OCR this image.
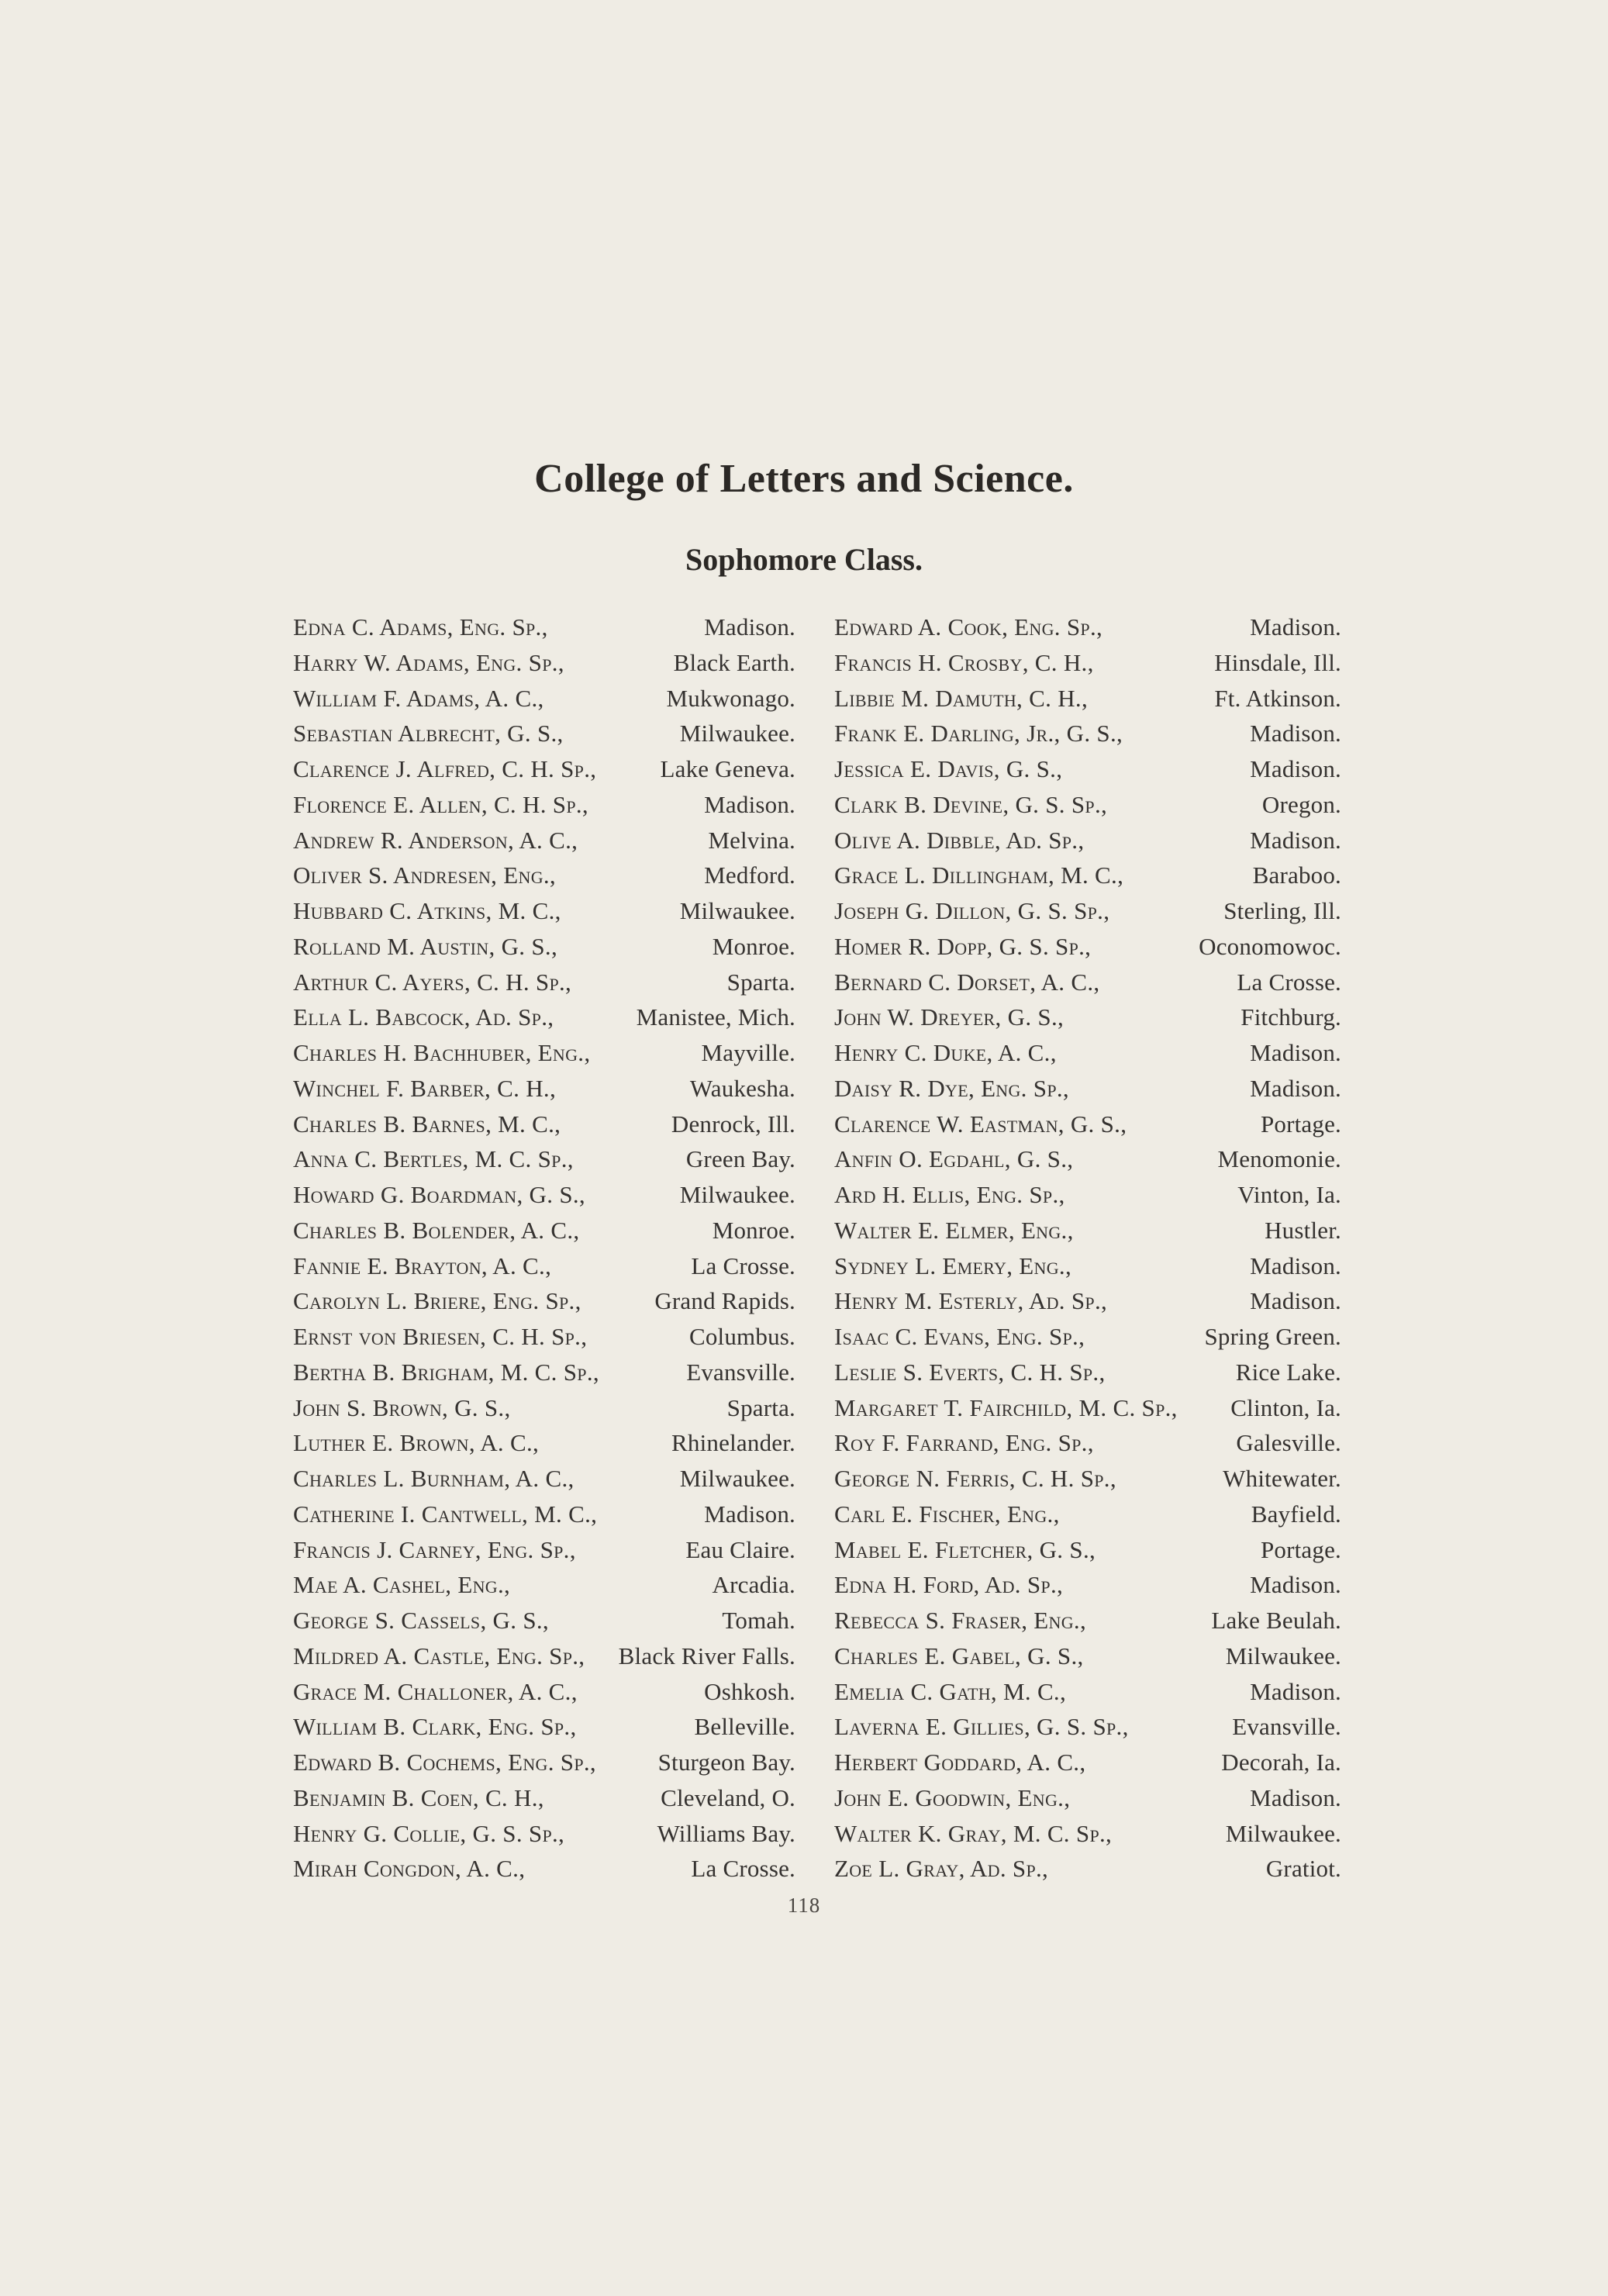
College of Letters and Science.
Sophomore Class.
Edna C. Adams, Eng. Sp.,	Madison.
Harry W. Adams, Eng. Sp.,	Black Earth.
William F. Adams, A. C.,	Mukwonago.
Sebastian Albrecht, G. S.,	Milwaukee.
Clarence J. Alfred, C. H. Sp.,	Lake Geneva.
Florence E. Allen, C. H. Sp.,	Madison.
Andrew R. Anderson, A. C.,	Melvina.
Oliver S. Andresen, Eng.,	Medford.
Hubbard C. Atkins, M. C.,	Milwaukee.
Rolland M. Austin, G. S.,	Monroe.
Arthur C. Ayers, C. H. Sp.,	Sparta.
Ella L. Babcock, Ad. Sp.,	Manistee, Mich.
Charles H. Bachhuber, Eng.,	Mayville.
Winchel F. Barber, C. H.,	Waukesha.
Charles B. Barnes, M. C.,	Denrock, Ill.
Anna C. Bertles, M. C. Sp.,	Green Bay.
Howard G. Boardman, G. S.,	Milwaukee.
Charles B. Bolender, A. C.,	Monroe.
Fannie E. Brayton, A. C.,	La Crosse.
Carolyn L. Briere, Eng. Sp.,	Grand Rapids.
Ernst von Briesen, C. H. Sp.,	Columbus.
Bertha B. Brigham, M. C. Sp.,	Evansville.
John S. Brown, G. S.,	Sparta.
Luther E. Brown, A. C.,	Rhinelander.
Charles L. Burnham, A. C.,	Milwaukee.
Catherine I. Cantwell, M. C.,	Madison.
Francis J. Carney, Eng. Sp.,	Eau Claire.
Mae A. Cashel, Eng.,	Arcadia.
George S. Cassels, G. S.,	Tomah.
Mildred A. Castle, Eng. Sp., Black River Falls.
Grace M. Challoner, A. C.,	Oshkosh.
William B. Clark, Eng. Sp.,	Belleville.
Edward B. Cochems, Eng. Sp.,	Sturgeon Bay.
Benjamin B. Coen, C. H.,	Cleveland, O.
Henry G. Collie, G. S. Sp.,	Williams Bay.
Mirah Congdon, A. C.,	La Crosse.
Edward A. Cook, Eng. Sp.,	Madison.
Francis H. Crosby, C. H.,	Hinsdale, Ill.
Libbie M. Damuth, C. H.,	Ft. Atkinson.
Frank E. Darling, Jr., G. S.,	Madison.
Jessica E. Davis, G. S.,	Madison.
Clark B. Devine, G. S. Sp.,	Oregon.
Olive A. Dibble, Ad. Sp.,	Madison.
Grace L. Dillingham, M. C.,	Baraboo.
Joseph G. Dillon, G. S. Sp.,	Sterling, Ill.
Homer R. Dopp, G. S. Sp.,	Oconomowoc.
Bernard C. Dorset, A. C.,	La Crosse.
John W. Dreyer, G. S.,	Fitchburg.
Henry C. Duke, A. C.,	Madison.
Daisy R. Dye, Eng. Sp.,	Madison.
Clarence W. Eastman, G. S.,	Portage.
Anfin O. Egdahl, G. S.,	Menomonie.
Ard H. Ellis, Eng. Sp.,	Vinton, Ia.
Walter E. Elmer, Eng.,	Hustler.
Sydney L. Emery, Eng.,	Madison.
Henry M. Esterly, Ad. Sp.,	Madison.
Isaac C. Evans, Eng. Sp.,	Spring Green.
Leslie S. Everts, C. H. Sp.,	Rice Lake.
Margaret T. Fairchild, M. C. Sp., Clinton, Ia.
Roy F. Farrand, Eng. Sp.,	Galesville.
George N. Ferris, C. H. Sp.,	Whitewater.
Carl E. Fischer, Eng.,	Bayfield.
Mabel E. Fletcher, G. S.,	Portage.
Edna H. Ford, Ad. Sp.,	Madison.
Rebecca S. Fraser, Eng.,	Lake Beulah.
Charles E. Gabel, G. S.,	Milwaukee.
Emelia C. Gath, M. C.,	Madison.
Laverna E. Gillies, G. S. Sp.,	Evansville.
Herbert Goddard, A. C.,	Decorah, Ia.
John E. Goodwin, Eng.,	Madison.
Walter K. Gray, M. C. Sp.,	Milwaukee.
Zoe L. Gray, Ad. Sp.,	Gratiot.
118
